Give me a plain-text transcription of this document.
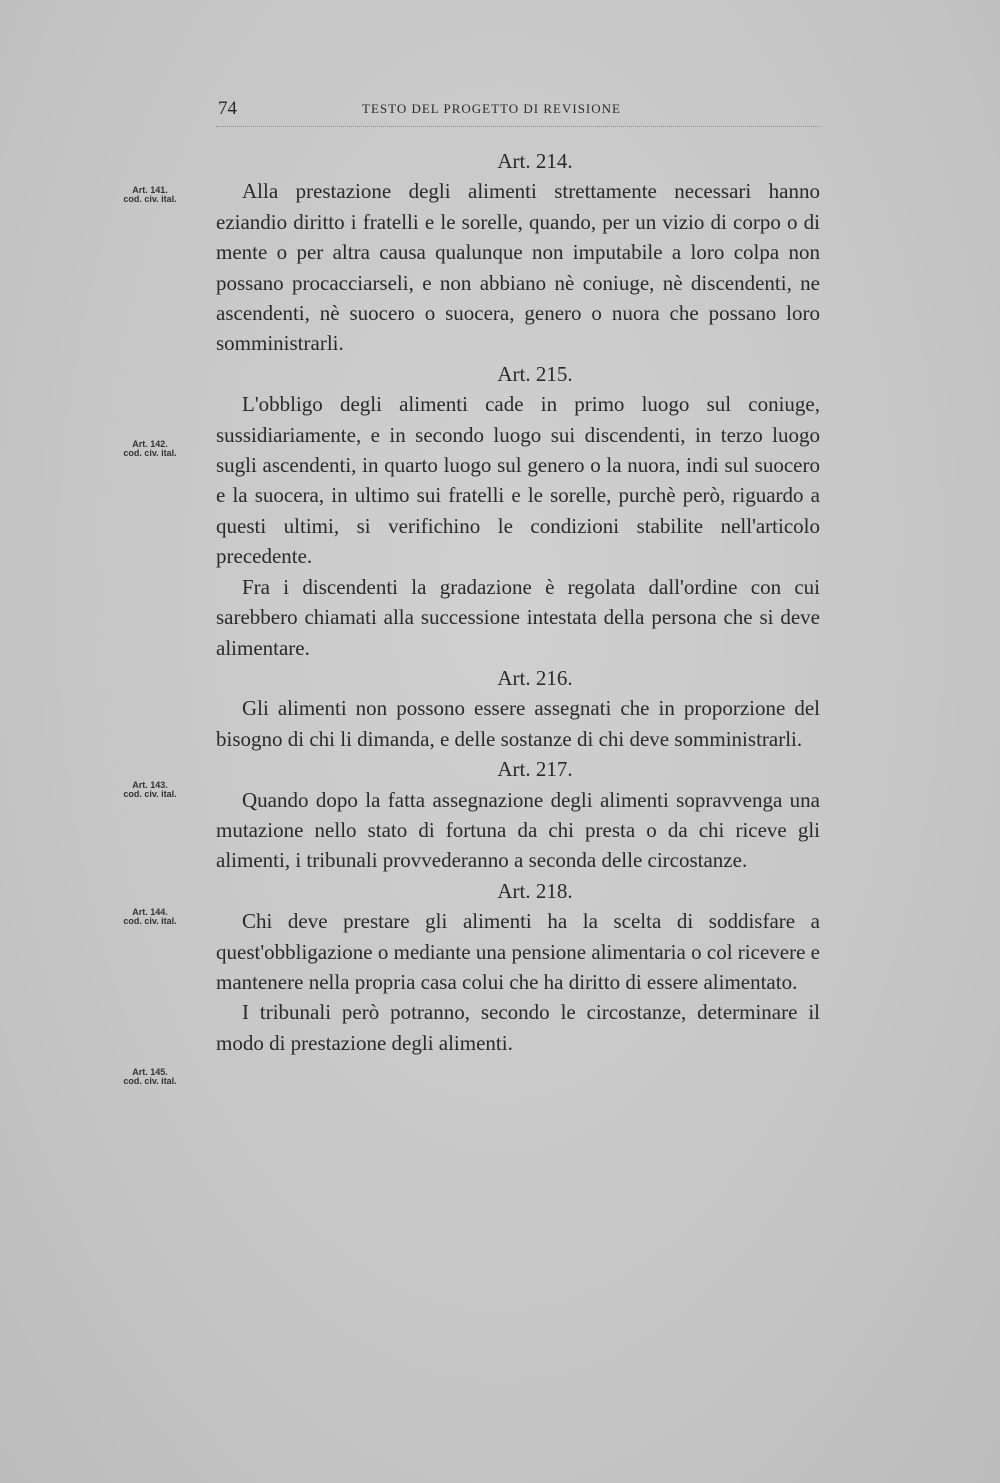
74	TESTO DEL PROGETTO DI REVISIONE
Art. 141.
cod. civ. ital.
Art. 142.
cod. civ. ital.
Art. 143.
cod. civ. ital.
Art. 144.
cod. civ. ital.
Art. 145.
cod. civ. ital.

Art. 214.

Alla prestazione degli alimenti strettamente necessari hanno eziandio diritto i fratelli e le sorelle, quando, per un vizio di corpo o di mente o per altra causa qualunque non imputabile a loro colpa non possano procacciarseli, e non abbiano nè coniuge, nè discendenti, ne ascendenti, nè suocero o suocera, genero o nuora che possano loro somministrarli.

Art. 215.

L'obbligo degli alimenti cade in primo luogo sul coniuge, sussidiariamente, e in secondo luogo sui discendenti, in terzo luogo sugli ascendenti, in quarto luogo sul genero o la nuora, indi sul suocero e la suocera, in ultimo sui fratelli e le sorelle, purchè però, riguardo a questi ultimi, si verifichino le condizioni stabilite nell'articolo precedente.

Fra i discendenti la gradazione è regolata dall'ordine con cui sarebbero chiamati alla successione intestata della persona che si deve alimentare.

Art. 216.

Gli alimenti non possono essere assegnati che in proporzione del bisogno di chi li dimanda, e delle sostanze di chi deve somministrarli.

Art. 217.

Quando dopo la fatta assegnazione degli alimenti sopravvenga una mutazione nello stato di fortuna da chi presta o da chi riceve gli alimenti, i tribunali provvederanno a seconda delle circostanze.

Art. 218.

Chi deve prestare gli alimenti ha la scelta di soddisfare a quest'obbligazione o mediante una pensione alimentaria o col ricevere e mantenere nella propria casa colui che ha diritto di essere alimentato.

I tribunali però potranno, secondo le circostanze, determinare il modo di prestazione degli alimenti.
